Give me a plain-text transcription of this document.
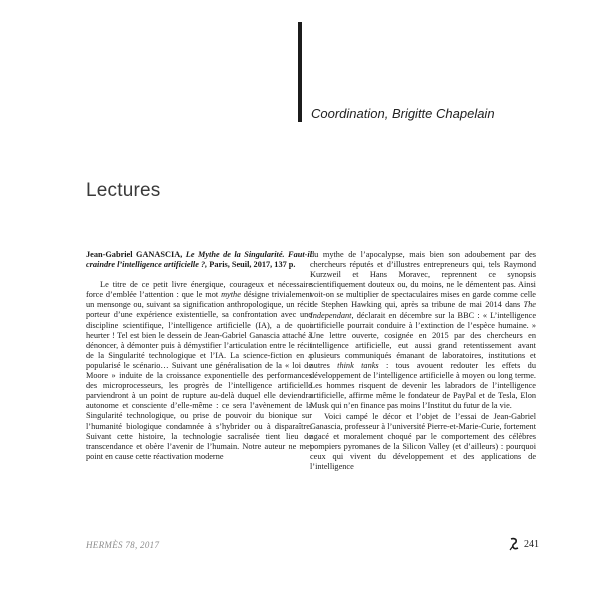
Coordination, Brigitte Chapelain
Lectures

Jean-Gabriel GANASCIA, Le Mythe de la Singularité. Faut-il craindre l’intelligence artificielle ?, Paris, Seuil, 2017, 137 p.

Le titre de ce petit livre énergique, courageux et nécessaire force d’emblée l’attention : que le mot mythe désigne trivialement un mensonge ou, suivant sa signification anthropologique, un récit porteur d’une expérience existentielle, sa confrontation avec une discipline scientifique, l’intelligence artificielle (IA), a de quoi heurter ! Tel est bien le dessein de Jean-Gabriel Ganascia attaché à dénoncer, à démonter puis à démystifier l’articulation entre le récit de la Singularité technologique et l’IA. La science-fiction en a popularisé le scénario… Suivant une généralisation de la « loi de Moore » induite de la croissance exponentielle des performances des microprocesseurs, les progrès de l’intelligence artificielle parviendront à un point de rupture au-delà duquel elle deviendra autonome et consciente d’elle-même : ce sera l’avènement de la Singularité technologique, ou prise de pouvoir du bionique sur l’humanité biologique condamnée à s’hybrider ou à disparaître. Suivant cette histoire, la technologie sacralisée tient lieu de transcendance et obère l’avenir de l’humain. Notre auteur ne met point en cause cette réactivation moderne

du mythe de l’apocalypse, mais bien son adoubement par des chercheurs réputés et d’illustres entrepreneurs qui, tels Raymond Kurzweil et Hans Moravec, reprennent ce synopsis scientifiquement douteux ou, du moins, ne le démentent pas. Ainsi voit-on se multiplier de spectaculaires mises en garde comme celle de Stephen Hawking qui, après sa tribune de mai 2014 dans The Independant, déclarait en décembre sur la BBC : « L’intelligence artificielle pourrait conduire à l’extinction de l’espèce humaine. » Une lettre ouverte, cosignée en 2015 par des chercheurs en intelligence artificielle, eut aussi grand retentissement avant plusieurs communiqués émanant de laboratoires, institutions et autres think tanks : tous avouent redouter les effets du développement de l’intelligence artificielle à moyen ou long terme. Les hommes risquent de devenir les labradors de l’intelligence artificielle, affirme même le fondateur de PayPal et de Tesla, Elon Musk qui n’en finance pas moins l’Institut du futur de la vie.

Voici campé le décor et l’objet de l’essai de Jean-Gabriel Ganascia, professeur à l’université Pierre-et-Marie-Curie, fortement agacé et moralement choqué par le comportement des célèbres pompiers pyromanes de la Silicon Valley (et d’ailleurs) : pourquoi ceux qui vivent du développement et des applications de l’intelligence

HERMÈS 78, 2017	241
